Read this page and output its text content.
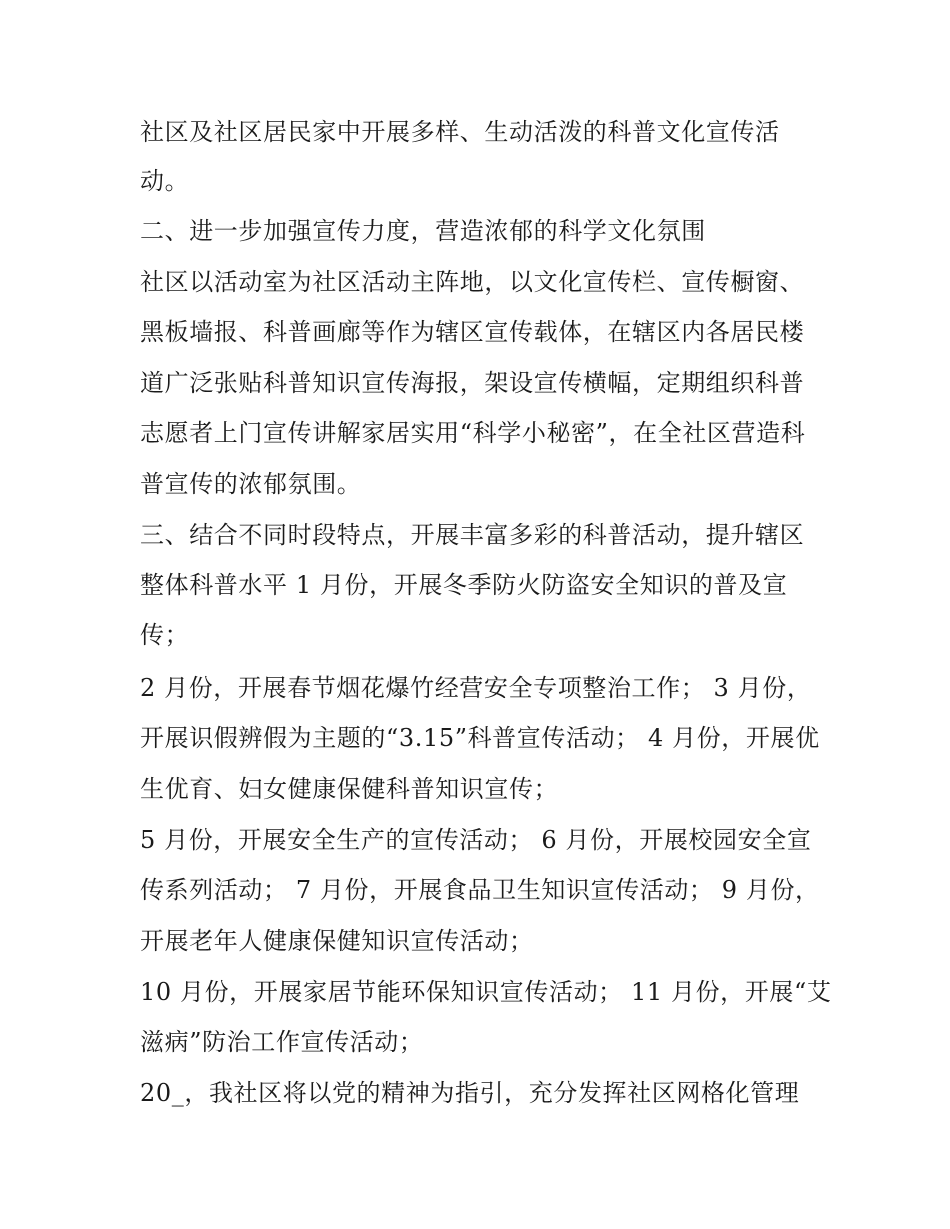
社区及社区居民家中开展多样、生动活泼的科普文化宣传活
动。
二、进一步加强宣传力度，营造浓郁的科学文化氛围
社区以活动室为社区活动主阵地，以文化宣传栏、宣传橱窗、
黑板墙报、科普画廊等作为辖区宣传载体，在辖区内各居民楼
道广泛张贴科普知识宣传海报，架设宣传横幅，定期组织科普
志愿者上门宣传讲解家居实用“科学小秘密”，在全社区营造科
普宣传的浓郁氛围。
三、结合不同时段特点，开展丰富多彩的科普活动，提升辖区
整体科普水平 1 月份，开展冬季防火防盗安全知识的普及宣
传；
2 月份，开展春节烟花爆竹经营安全专项整治工作； 3 月份，
开展识假辨假为主题的“3.15”科普宣传活动； 4 月份，开展优
生优育、妇女健康保健科普知识宣传；
5 月份，开展安全生产的宣传活动； 6 月份，开展校园安全宣
传系列活动； 7 月份，开展食品卫生知识宣传活动； 9 月份，
开展老年人健康保健知识宣传活动；
10 月份，开展家居节能环保知识宣传活动； 11 月份，开展“艾
滋病”防治工作宣传活动；
20_，我社区将以党的精神为指引，充分发挥社区网格化管理
